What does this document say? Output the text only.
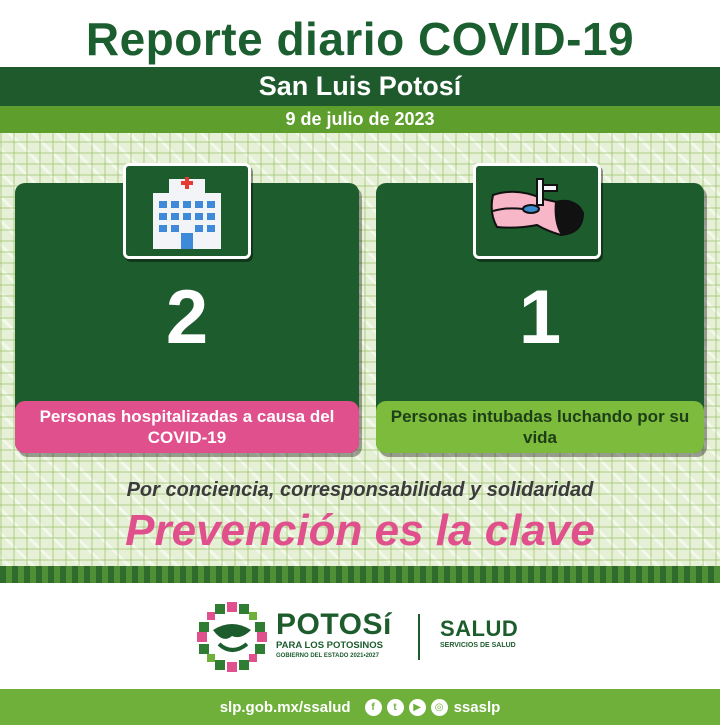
Reporte diario COVID-19
San Luis Potosí
9 de julio de 2023
2
Personas hospitalizadas a causa del COVID-19
1
Personas intubadas luchando por su vida
Por conciencia, corresponsabilidad y solidaridad
Prevención es la clave
POTOSí
PARA LOS POTOSINOS
GOBIERNO DEL ESTADO 2021•2027
SALUD
SERVICIOS DE SALUD
slp.gob.mx/ssalud	f	t	▶	◎ ssaslp
